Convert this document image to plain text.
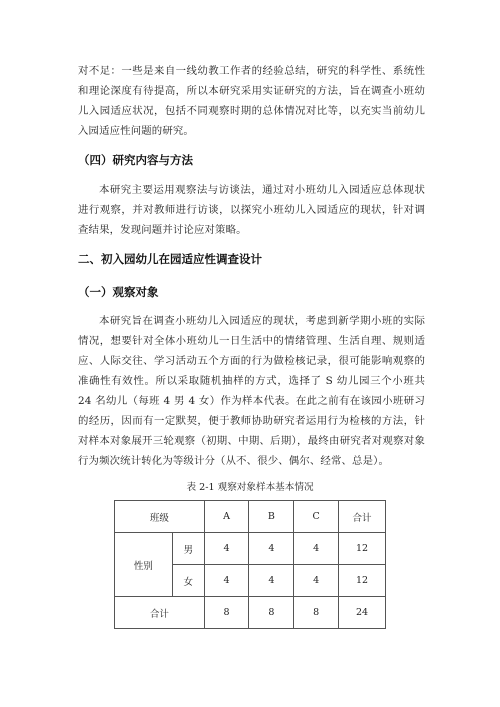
对不足：一些是来自一线幼教工作者的经验总结，研究的科学性、系统性和理论深度有待提高，所以本研究采用实证研究的方法，旨在调查小班幼儿入园适应状况，包括不同观察时期的总体情况对比等，以充实当前幼儿入园适应性问题的研究。

（四）研究内容与方法

本研究主要运用观察法与访谈法，通过对小班幼儿入园适应总体现状进行观察，并对教师进行访谈，以探究小班幼儿入园适应的现状，针对调查结果，发现问题并讨论应对策略。

二、初入园幼儿在园适应性调查设计
（一）观察对象

本研究旨在调查小班幼儿入园适应的现状，考虑到新学期小班的实际情况，想要针对全体小班幼儿一日生活中的情绪管理、生活自理、规则适应、人际交往、学习活动五个方面的行为做检核记录，很可能影响观察的准确性有效性。所以采取随机抽样的方式，选择了 S 幼儿园三个小班共 24 名幼儿（每班 4 男 4 女）作为样本代表。在此之前有在该园小班研习的经历，因而有一定默契，便于教师协助研究者运用行为检核的方法，针对样本对象展开三轮观察（初期、中期、后期），最终由研究者对观察对象行为频次统计转化为等级计分（从不、很少、偶尔、经常、总是）。

表 2-1 观察对象样本基本情况

班级		A	B	C	合计
性别	男	4	4	4	12
	女	4	4	4	12
合计		8	8	8	24
